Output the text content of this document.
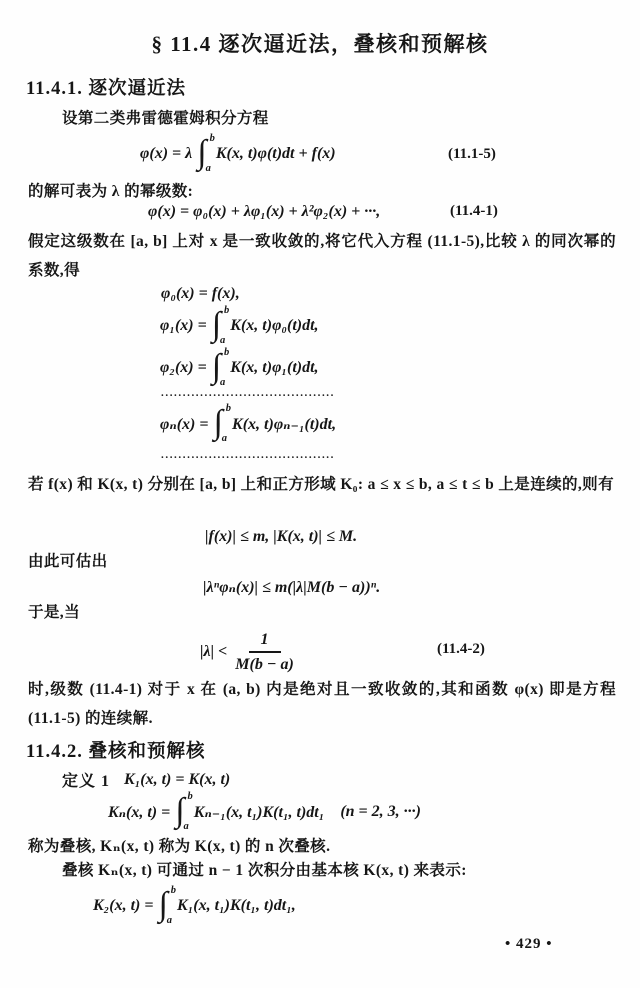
§ 11.4 逐次逼近法，叠核和预解核
11.4.1. 逐次逼近法
设第二类弗雷德霍姆积分方程
φ(x) = λ ∫ b
a
K(x, t)φ(t)dt + f(x)	(11.1-5)
的解可表为 λ 的幂级数:
φ(x) = φ₀(x) + λφ₁(x) + λ²φ₂(x) + ···,	(11.4-1)
假定这级数在 [a, b] 上对 x 是一致收敛的,将它代入方程 (11.1-5),比较 λ 的同次幂的系数,得
φ₀(x) = f(x),
φ₁(x) = ∫ b
a
K(x, t)φ₀(t)dt,
φ₂(x) = ∫ b
a
K(x, t)φ₁(t)dt,
........................................
φₙ(x) = ∫ b
a
K(x, t)φₙ₋₁(t)dt,
........................................
若 f(x) 和 K(x, t) 分别在 [a, b] 上和正方形域 K₀: a ≤ x ≤ b, a ≤ t ≤ b 上是连续的,则有
|f(x)| ≤ m, |K(x, t)| ≤ M.
由此可估出
|λⁿφₙ(x)| ≤ m(|λ|M(b − a))ⁿ.
于是,当
$|\lambda| < \frac{1}{M(b - a)}$	(11.4-2)
时,级数 (11.4-1) 对于 x 在 (a, b) 内是绝对且一致收敛的,其和函数 φ(x) 即是方程 (11.1-5) 的连续解.
11.4.2. 叠核和预解核
定义 1 K₁(x, t) = K(x, t)
Kₙ(x, t) = ∫ b
a
Kₙ₋₁(x, t₁)K(t₁, t)dt₁ (n = 2, 3, ···)
称为叠核, Kₙ(x, t) 称为 K(x, t) 的 n 次叠核.
叠核 Kₙ(x, t) 可通过 n − 1 次积分由基本核 K(x, t) 来表示:
K₂(x, t) = ∫ b
a
K₁(x, t₁)K(t₁, t)dt₁,
• 429 •
